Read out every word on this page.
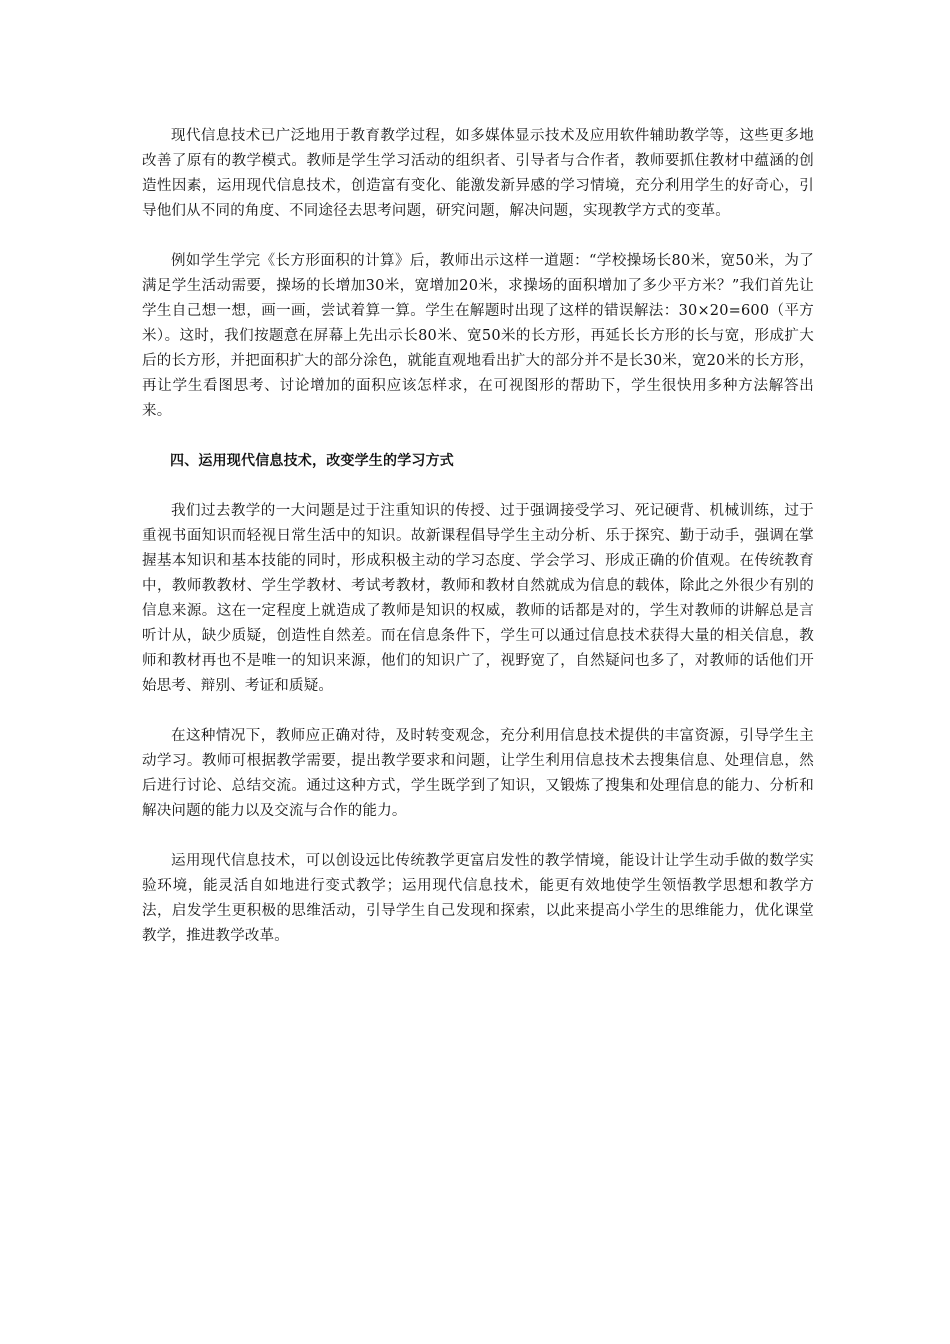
现代信息技术已广泛地用于教育教学过程，如多媒体显示技术及应用软件辅助教学等，这些更多地改善了原有的教学模式。教师是学生学习活动的组织者、引导者与合作者，教师要抓住教材中蕴涵的创造性因素，运用现代信息技术，创造富有变化、能激发新异感的学习情境，充分利用学生的好奇心，引导他们从不同的角度、不同途径去思考问题，研究问题，解决问题，实现教学方式的变革。

例如学生学完《长方形面积的计算》后，教师出示这样一道题：“学校操场长80米，宽50米，为了满足学生活动需要，操场的长增加30米，宽增加20米，求操场的面积增加了多少平方米？”我们首先让学生自己想一想，画一画，尝试着算一算。学生在解题时出现了这样的错误解法：30×20=600（平方米）。这时，我们按题意在屏幕上先出示长80米、宽50米的长方形，再延长长方形的长与宽，形成扩大后的长方形，并把面积扩大的部分涂色，就能直观地看出扩大的部分并不是长30米，宽20米的长方形，再让学生看图思考、讨论增加的面积应该怎样求，在可视图形的帮助下，学生很快用多种方法解答出来。

四、运用现代信息技术，改变学生的学习方式

我们过去教学的一大问题是过于注重知识的传授、过于强调接受学习、死记硬背、机械训练，过于重视书面知识而轻视日常生活中的知识。故新课程倡导学生主动分析、乐于探究、勤于动手，强调在掌握基本知识和基本技能的同时，形成积极主动的学习态度、学会学习、形成正确的价值观。在传统教育中，教师教教材、学生学教材、考试考教材，教师和教材自然就成为信息的载体，除此之外很少有别的信息来源。这在一定程度上就造成了教师是知识的权威，教师的话都是对的，学生对教师的讲解总是言听计从，缺少质疑，创造性自然差。而在信息条件下，学生可以通过信息技术获得大量的相关信息，教师和教材再也不是唯一的知识来源，他们的知识广了，视野宽了，自然疑问也多了，对教师的话他们开始思考、辩别、考证和质疑。

在这种情况下，教师应正确对待，及时转变观念，充分利用信息技术提供的丰富资源，引导学生主动学习。教师可根据教学需要，提出教学要求和问题，让学生利用信息技术去搜集信息、处理信息，然后进行讨论、总结交流。通过这种方式，学生既学到了知识，又锻炼了搜集和处理信息的能力、分析和解决问题的能力以及交流与合作的能力。

运用现代信息技术，可以创设远比传统教学更富启发性的教学情境，能设计让学生动手做的数学实验环境，能灵活自如地进行变式教学；运用现代信息技术，能更有效地使学生领悟教学思想和教学方法，启发学生更积极的思维活动，引导学生自己发现和探索，以此来提高小学生的思维能力，优化课堂教学，推进教学改革。
